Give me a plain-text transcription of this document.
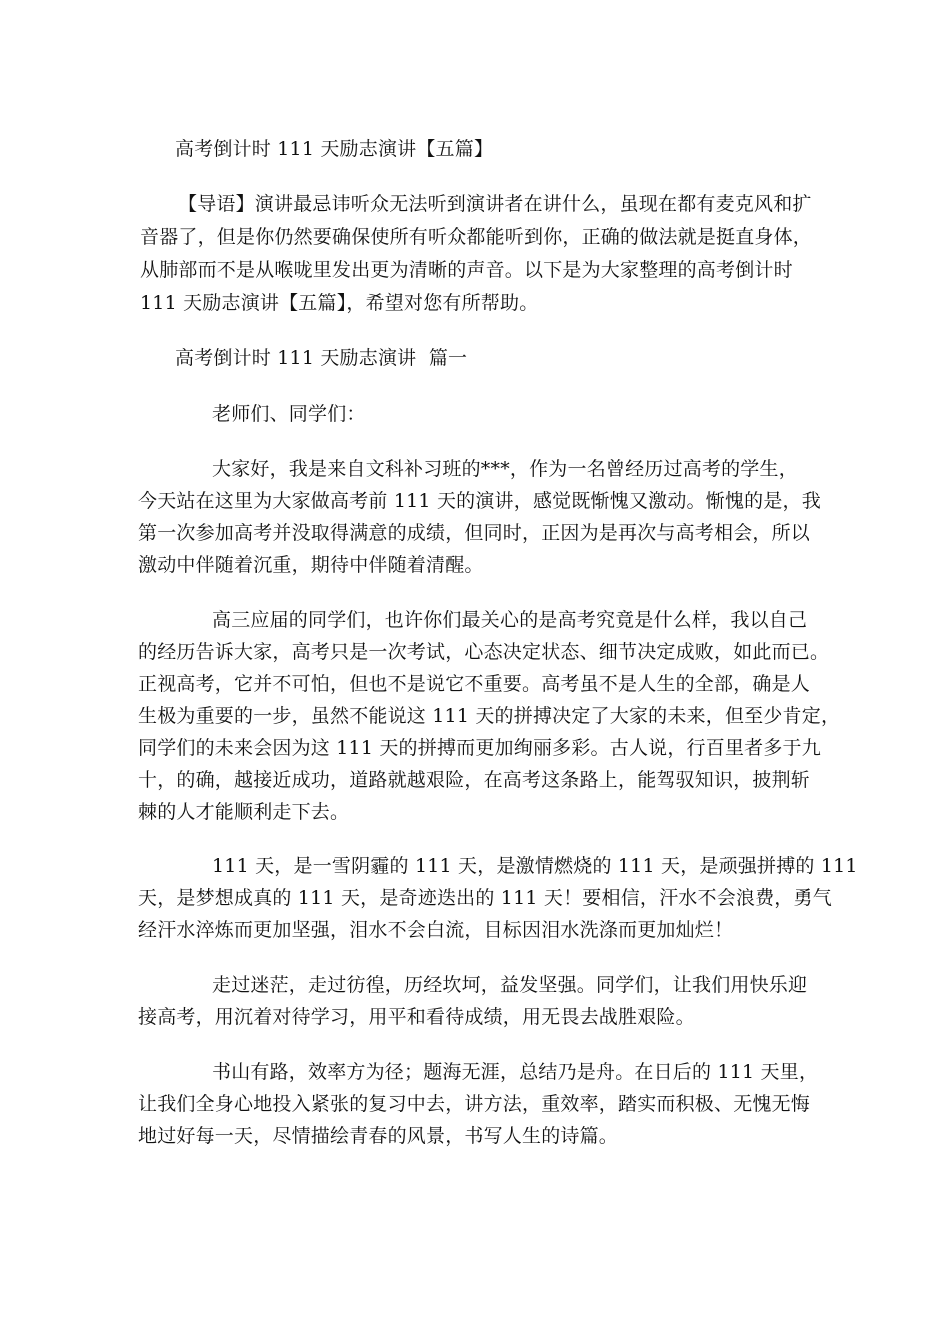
高考倒计时 111 天励志演讲【五篇】
【导语】演讲最忌讳听众无法听到演讲者在讲什么，虽现在都有麦克风和扩
音器了，但是你仍然要确保使所有听众都能听到你，正确的做法就是挺直身体，
从肺部而不是从喉咙里发出更为清晰的声音。以下是为大家整理的高考倒计时
111 天励志演讲【五篇】，希望对您有所帮助。
高考倒计时 111 天励志演讲  篇一
老师们、同学们：
大家好，我是来自文科补习班的***，作为一名曾经历过高考的学生，
今天站在这里为大家做高考前 111 天的演讲，感觉既惭愧又激动。惭愧的是，我
第一次参加高考并没取得满意的成绩，但同时，正因为是再次与高考相会，所以
激动中伴随着沉重，期待中伴随着清醒。
高三应届的同学们，也许你们最关心的是高考究竟是什么样，我以自己
的经历告诉大家，高考只是一次考试，心态决定状态、细节决定成败，如此而已。
正视高考，它并不可怕，但也不是说它不重要。高考虽不是人生的全部，确是人
生极为重要的一步，虽然不能说这 111 天的拼搏决定了大家的未来，但至少肯定，
同学们的未来会因为这 111 天的拼搏而更加绚丽多彩。古人说，行百里者多于九
十，的确，越接近成功，道路就越艰险，在高考这条路上，能驾驭知识，披荆斩
棘的人才能顺利走下去。
111 天，是一雪阴霾的 111 天，是激情燃烧的 111 天，是顽强拼搏的 111
天，是梦想成真的 111 天，是奇迹迭出的 111 天！要相信，汗水不会浪费，勇气
经汗水淬炼而更加坚强，泪水不会白流，目标因泪水洗涤而更加灿烂！
走过迷茫，走过彷徨，历经坎坷，益发坚强。同学们，让我们用快乐迎
接高考，用沉着对待学习，用平和看待成绩，用无畏去战胜艰险。
书山有路，效率方为径；题海无涯，总结乃是舟。在日后的 111 天里，
让我们全身心地投入紧张的复习中去，讲方法，重效率，踏实而积极、无愧无悔
地过好每一天，尽情描绘青春的风景，书写人生的诗篇。
